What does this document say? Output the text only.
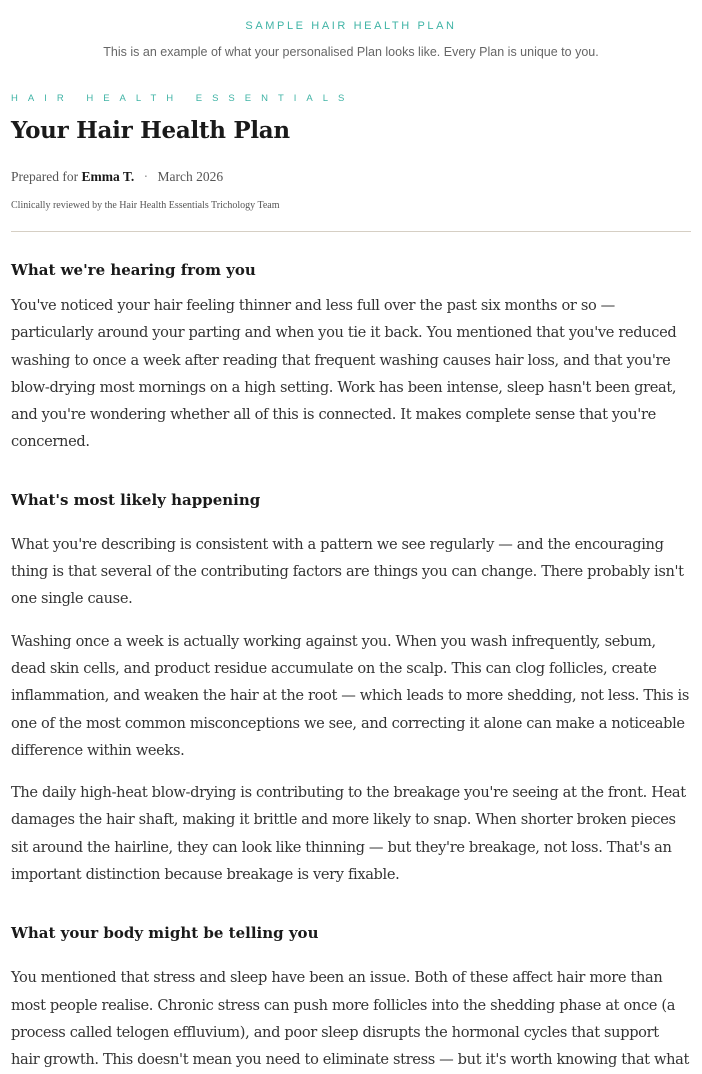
SAMPLE HAIR HEALTH PLAN
This is an example of what your personalised Plan looks like. Every Plan is unique to you.
HAIR HEALTH ESSENTIALS
Your Hair Health Plan
Prepared for Emma T. · March 2026
Clinically reviewed by the Hair Health Essentials Trichology Team
What we're hearing from you

You've noticed your hair feeling thinner and less full over the past six months or so — particularly around your parting and when you tie it back. You mentioned that you've reduced washing to once a week after reading that frequent washing causes hair loss, and that you're blow-drying most mornings on a high setting. Work has been intense, sleep hasn't been great, and you're wondering whether all of this is connected. It makes complete sense that you're concerned.

What's most likely happening

What you're describing is consistent with a pattern we see regularly — and the encouraging thing is that several of the contributing factors are things you can change. There probably isn't one single cause.

Washing once a week is actually working against you. When you wash infrequently, sebum, dead skin cells, and product residue accumulate on the scalp. This can clog follicles, create inflammation, and weaken the hair at the root — which leads to more shedding, not less. This is one of the most common misconceptions we see, and correcting it alone can make a noticeable difference within weeks.

The daily high-heat blow-drying is contributing to the breakage you're seeing at the front. Heat damages the hair shaft, making it brittle and more likely to snap. When shorter broken pieces sit around the hairline, they can look like thinning — but they're breakage, not loss. That's an important distinction because breakage is very fixable.

What your body might be telling you

You mentioned that stress and sleep have been an issue. Both of these affect hair more than most people realise. Chronic stress can push more follicles into the shedding phase at once (a process called telogen effluvium), and poor sleep disrupts the hormonal cycles that support hair growth. This doesn't mean you need to eliminate stress — but it's worth knowing that what
